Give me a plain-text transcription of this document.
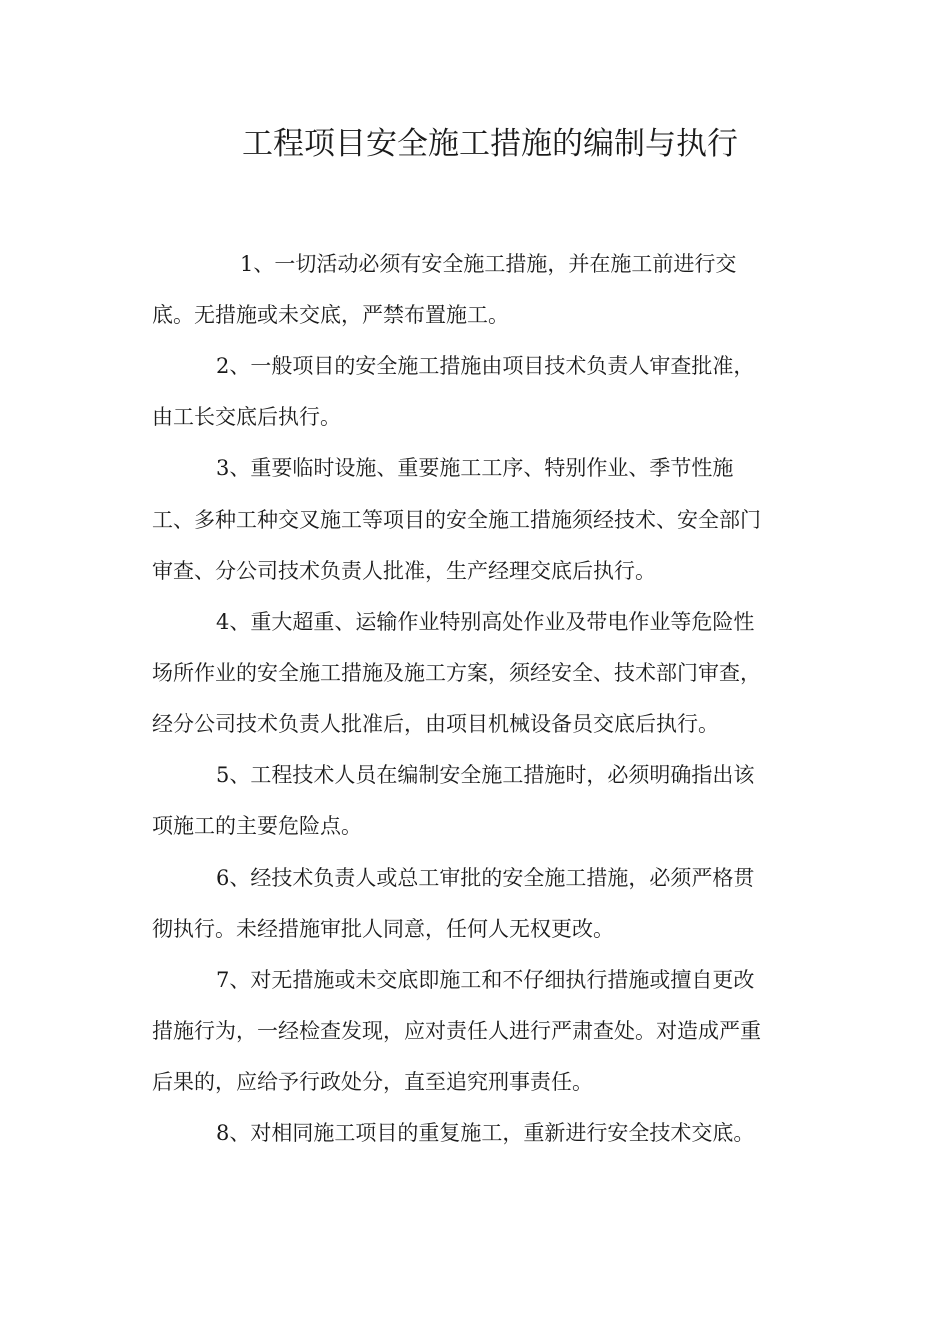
工程项目安全施工措施的编制与执行

1、一切活动必须有安全施工措施，并在施工前进行交

底。无措施或未交底，严禁布置施工。

2、一般项目的安全施工措施由项目技术负责人审查批准，

由工长交底后执行。

3、重要临时设施、重要施工工序、特别作业、季节性施

工、多种工种交叉施工等项目的安全施工措施须经技术、安全部门

审查、分公司技术负责人批准，生产经理交底后执行。

4、重大超重、运输作业特别高处作业及带电作业等危险性

场所作业的安全施工措施及施工方案，须经安全、技术部门审查，

经分公司技术负责人批准后，由项目机械设备员交底后执行。

5、工程技术人员在编制安全施工措施时，必须明确指出该

项施工的主要危险点。

6、经技术负责人或总工审批的安全施工措施，必须严格贯

彻执行。未经措施审批人同意，任何人无权更改。

7、对无措施或未交底即施工和不仔细执行措施或擅自更改

措施行为，一经检查发现，应对责任人进行严肃查处。对造成严重

后果的，应给予行政处分，直至追究刑事责任。

8、对相同施工项目的重复施工，重新进行安全技术交底。
